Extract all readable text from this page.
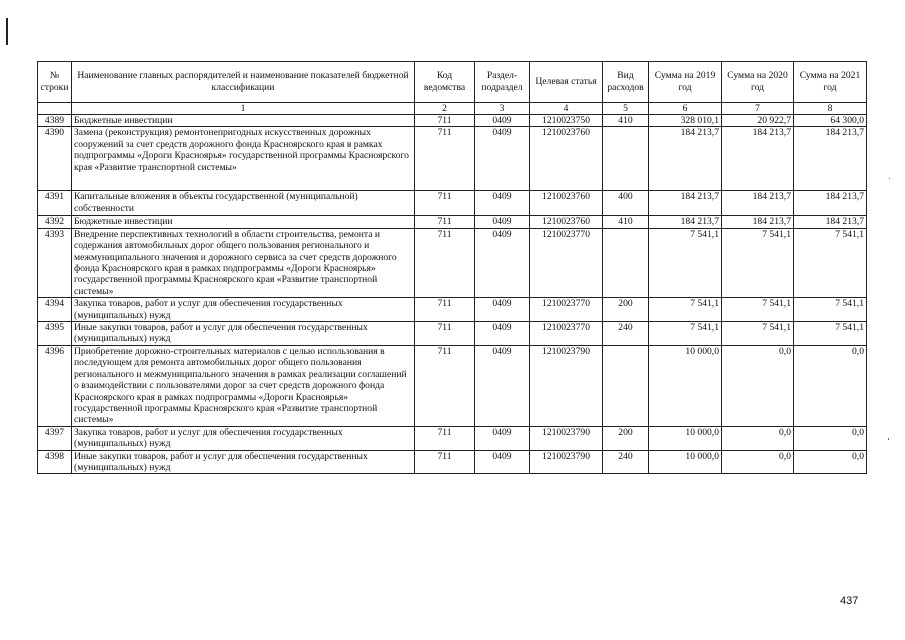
№ строки	Наименование главных распорядителей и наименование показателей бюджетной классификации	Код ведомства	Раздел-подраздел	Целевая статья	Вид расходов	Сумма на 2019 год	Сумма на 2020 год	Сумма на 2021 год
	1	2	3	4	5	6	7	8
4389	Бюджетные инвестиции	711	0409	1210023750	410	328 010,1	20 922,7	64 300,0
4390	Замена (реконструкция) ремонтонепригодных искусственных дорожных сооружений за счет средств дорожного фонда Красноярского края в рамках подпрограммы «Дороги Красноярья» государственной программы Красноярского края «Развитие транспортной системы»	711	0409	1210023760		184 213,7	184 213,7	184 213,7
4391	Капитальные вложения в объекты государственной (муниципальной) собственности	711	0409	1210023760	400	184 213,7	184 213,7	184 213,7
4392	Бюджетные инвестиции	711	0409	1210023760	410	184 213,7	184 213,7	184 213,7
4393	Внедрение перспективных технологий в области строительства, ремонта и содержания автомобильных дорог общего пользования регионального и межмуниципального значения и дорожного сервиса за счет средств дорожного фонда Красноярского края в рамках подпрограммы «Дороги Красноярья» государственной программы Красноярского края «Развитие транспортной системы»	711	0409	1210023770		7 541,1	7 541,1	7 541,1
4394	Закупка товаров, работ и услуг для обеспечения государственных (муниципальных) нужд	711	0409	1210023770	200	7 541,1	7 541,1	7 541,1
4395	Иные закупки товаров, работ и услуг для обеспечения государственных (муниципальных) нужд	711	0409	1210023770	240	7 541,1	7 541,1	7 541,1
4396	Приобретение дорожно-строительных материалов с целью использования в последующем для ремонта автомобильных дорог общего пользования регионального и межмуниципального значения в рамках реализации соглашений о взаимодействии с пользователями дорог за счет средств дорожного фонда Красноярского края в рамках подпрограммы «Дороги Красноярья» государственной программы Красноярского края «Развитие транспортной системы»	711	0409	1210023790		10 000,0	0,0	0,0
4397	Закупка товаров, работ и услуг для обеспечения государственных (муниципальных) нужд	711	0409	1210023790	200	10 000,0	0,0	0,0
4398	Иные закупки товаров, работ и услуг для обеспечения государственных (муниципальных) нужд	711	0409	1210023790	240	10 000,0	0,0	0,0
437
